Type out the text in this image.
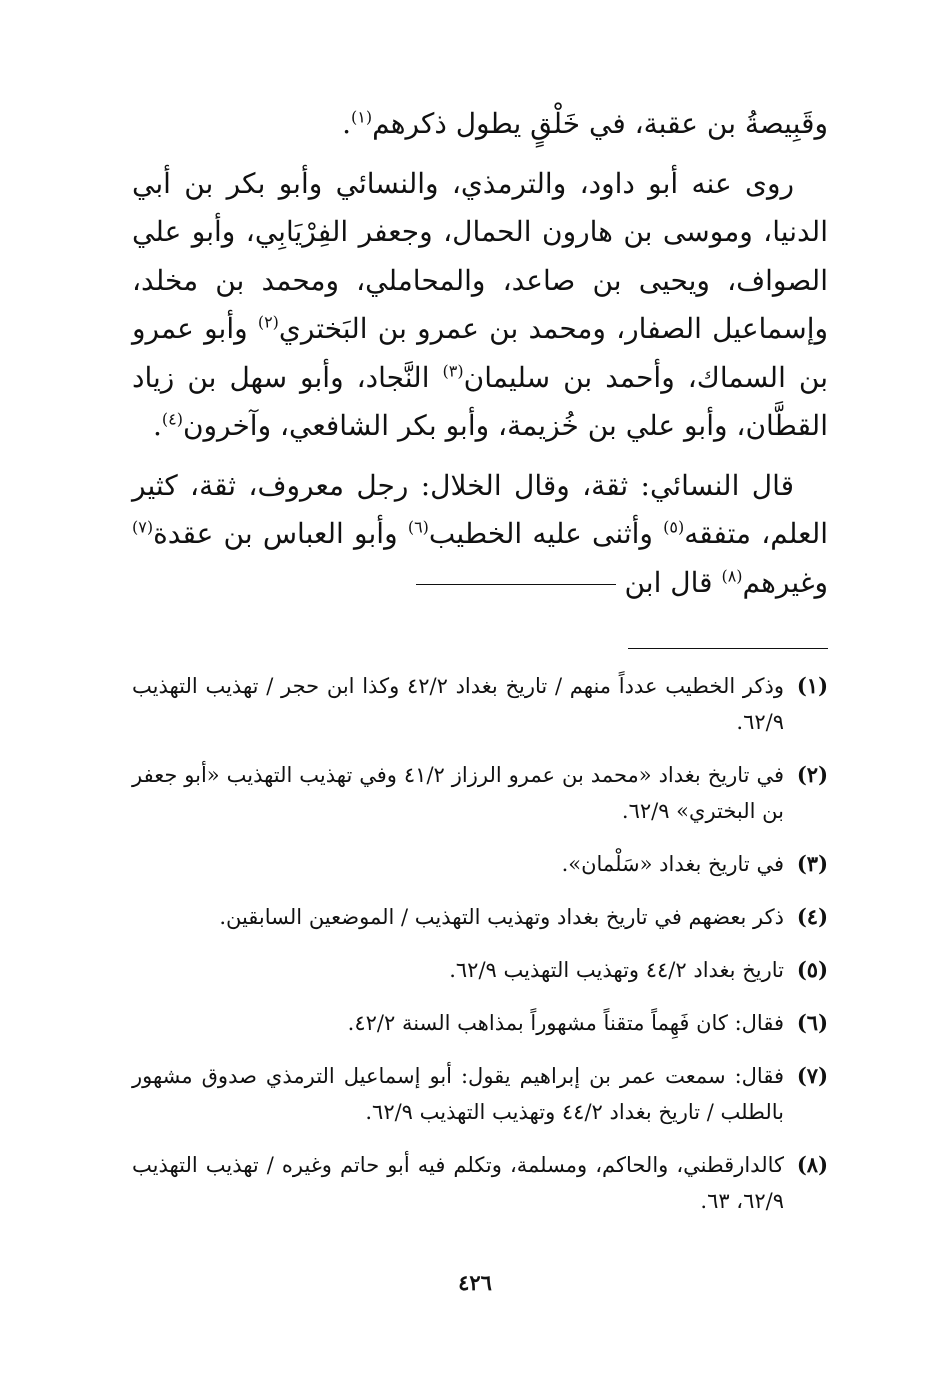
وقَبِيصةُ بن عقبة، في خَلْقٍ يطول ذكرهم$^{(١)}$.

روى عنه أبو داود، والترمذي، والنسائي وأبو بكر بن أبي الدنيا، وموسى بن هارون الحمال، وجعفر الفِرْيَابِي، وأبو علي الصواف، ويحيى بن صاعد، والمحاملي، ومحمد بن مخلد، وإسماعيل الصفار، ومحمد بن عمرو بن البَختري$^{(٢)}$ وأبو عمرو بن السماك، وأحمد بن سليمان$^{(٣)}$ النَّجاد، وأبو سهل بن زياد القطَّان، وأبو علي بن خُزيمة، وأبو بكر الشافعي، وآخرون$^{(٤)}$.

قال النسائي: ثقة، وقال الخلال: رجل معروف، ثقة، كثير العلم، متفقه$^{(٥)}$ وأثنى عليه الخطيب$^{(٦)}$ وأبو العباس بن عقدة$^{(٧)}$ وغيرهم$^{(٨)}$ قال ابن

(١)
وذكر الخطيب عدداً منهم / تاريخ بغداد ٤٢/٢ وكذا ابن حجر / تهذيب التهذيب ٦٢/٩.
(٢)
في تاريخ بغداد «محمد بن عمرو الرزاز ٤١/٢ وفي تهذيب التهذيب «أبو جعفر بن البختري» ٦٢/٩.
(٣)
في تاريخ بغداد «سَلْمان».
(٤)
ذكر بعضهم في تاريخ بغداد وتهذيب التهذيب / الموضعين السابقين.
(٥)
تاريخ بغداد ٤٤/٢ وتهذيب التهذيب ٦٢/٩.
(٦)
فقال: كان فَهِماً متقناً مشهوراً بمذاهب السنة ٤٢/٢.
(٧)
فقال: سمعت عمر بن إبراهيم يقول: أبو إسماعيل الترمذي صدوق مشهور بالطلب / تاريخ بغداد ٤٤/٢ وتهذيب التهذيب ٦٢/٩.
(٨)
كالدارقطني، والحاكم، ومسلمة، وتكلم فيه أبو حاتم وغيره / تهذيب التهذيب ٦٢/٩، ٦٣.
٤٢٦
